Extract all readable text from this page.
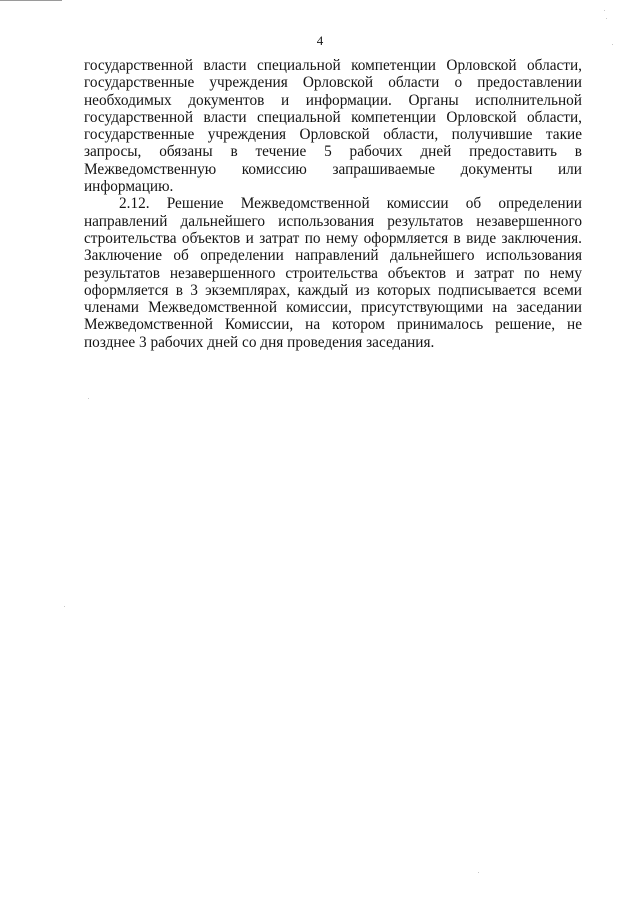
4

государственной власти специальной компетенции Орловской области, государственные учреждения Орловской области о предоставлении необходимых документов и информации. Органы исполнительной государственной власти специальной компетенции Орловской области, государственные учреждения Орловской области, получившие такие запросы, обязаны в течение 5 рабочих дней предоставить в Межведомственную комиссию запрашиваемые документы или информацию.

2.12. Решение Межведомственной комиссии об определении направлений дальнейшего использования результатов незавершенного строительства объектов и затрат по нему оформляется в виде заключения. Заключение об определении направлений дальнейшего использования результатов незавершенного строительства объектов и затрат по нему оформляется в 3 экземплярах, каждый из которых подписывается всеми членами Межведомственной комиссии, присутствующими на заседании Межведомственной Комиссии, на котором принималось решение, не позднее 3 рабочих дней со дня проведения заседания.
